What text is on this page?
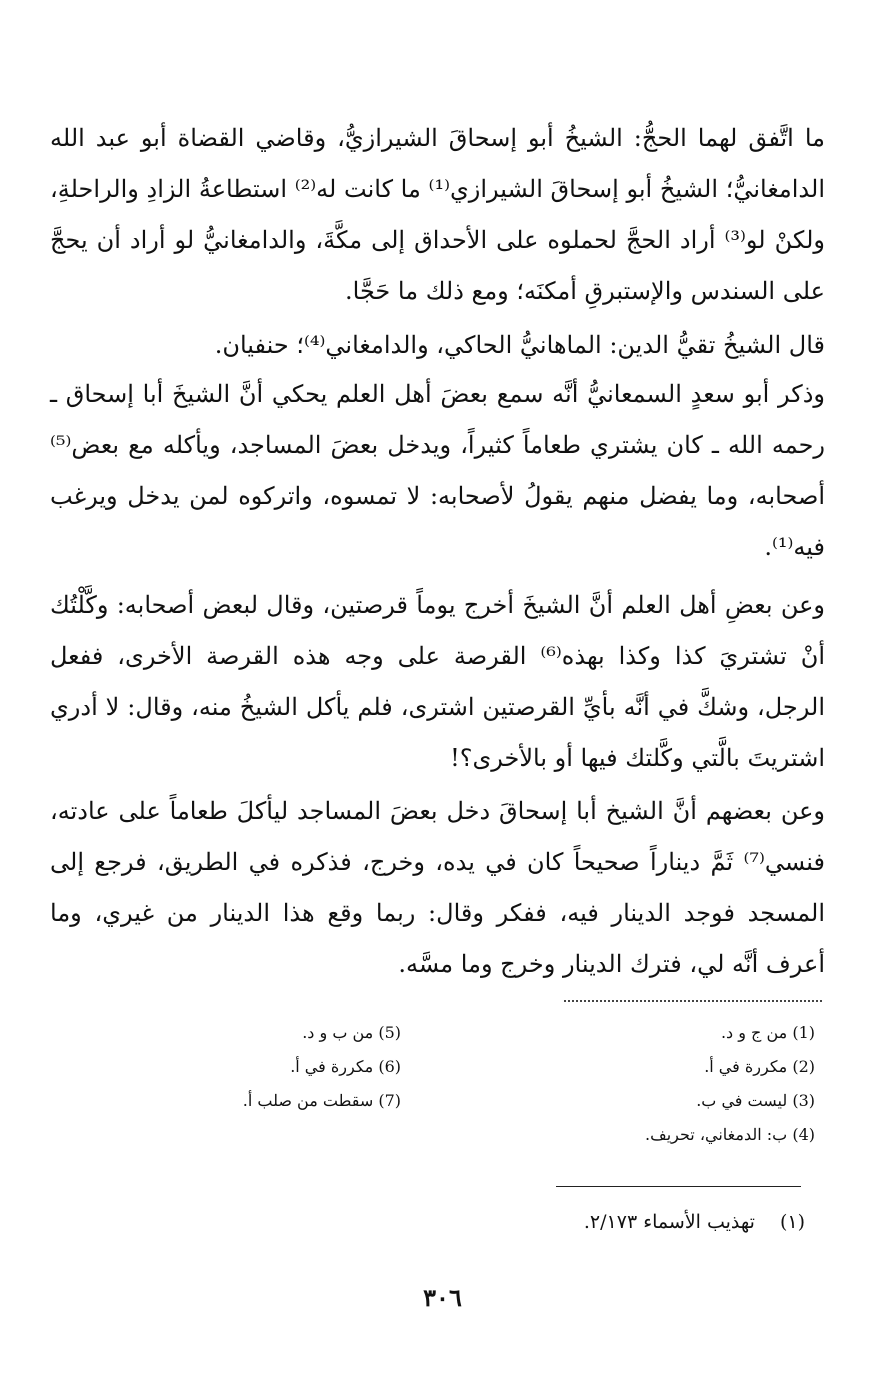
ما اتَّفق لهما الحجُّ: الشيخُ أبو إسحاقَ الشيرازيُّ، وقاضي القضاة أبو عبد الله الدامغانيُّ؛ الشيخُ أبو إسحاقَ الشيرازي⁽¹⁾ ما كانت له⁽²⁾ استطاعةُ الزادِ والراحلةِ، ولكنْ لو⁽³⁾ أراد الحجَّ لحملوه على الأحداق إلى مكَّةَ، والدامغانيُّ لو أراد أن يحجَّ على السندس والإستبرقِ أمكنَه؛ ومع ذلك ما حَجَّا.

قال الشيخُ تقيُّ الدين: الماهانيُّ الحاكي، والدامغاني⁽⁴⁾؛ حنفيان.

وذكر أبو سعدٍ السمعانيُّ أنَّه سمع بعضَ أهل العلم يحكي أنَّ الشيخَ أبا إسحاق ـ رحمه الله ـ كان يشتري طعاماً كثيراً، ويدخل بعضَ المساجد، ويأكله مع بعض⁽⁵⁾ أصحابه، وما يفضل منهم يقولُ لأصحابه: لا تمسوه، واتركوه لمن يدخل ويرغب فيه⁽¹⁾.

وعن بعضِ أهل العلم أنَّ الشيخَ أخرج يوماً قرصتين، وقال لبعض أصحابه: وكَّلْتُك أنْ تشتريَ كذا وكذا بهذه⁽⁶⁾ القرصة على وجه هذه القرصة الأخرى، ففعل الرجل، وشكَّ في أنَّه بأيِّ القرصتين اشترى، فلم يأكل الشيخُ منه، وقال: لا أدري اشتريتَ بالَّتي وكَّلتك فيها أو بالأخرى؟!

وعن بعضهم أنَّ الشيخ أبا إسحاقَ دخل بعضَ المساجد ليأكلَ طعاماً على عادته، فنسي⁽⁷⁾ ثَمَّ ديناراً صحيحاً كان في يده، وخرج، فذكره في الطريق، فرجع إلى المسجد فوجد الدينار فيه، ففكر وقال: ربما وقع هذا الدينار من غيري، وما أعرف أنَّه لي، فترك الدينار وخرج وما مسَّه.

(1) من ج و د.
(2) مكررة في أ.
(3) ليست في ب.
(4) ب: الدمغاني، تحريف.
(5) من ب و د.
(6) مكررة في أ.
(7) سقطت من صلب أ.
(١) تهذيب الأسماء ٢/١٧٣.
٣٠٦
